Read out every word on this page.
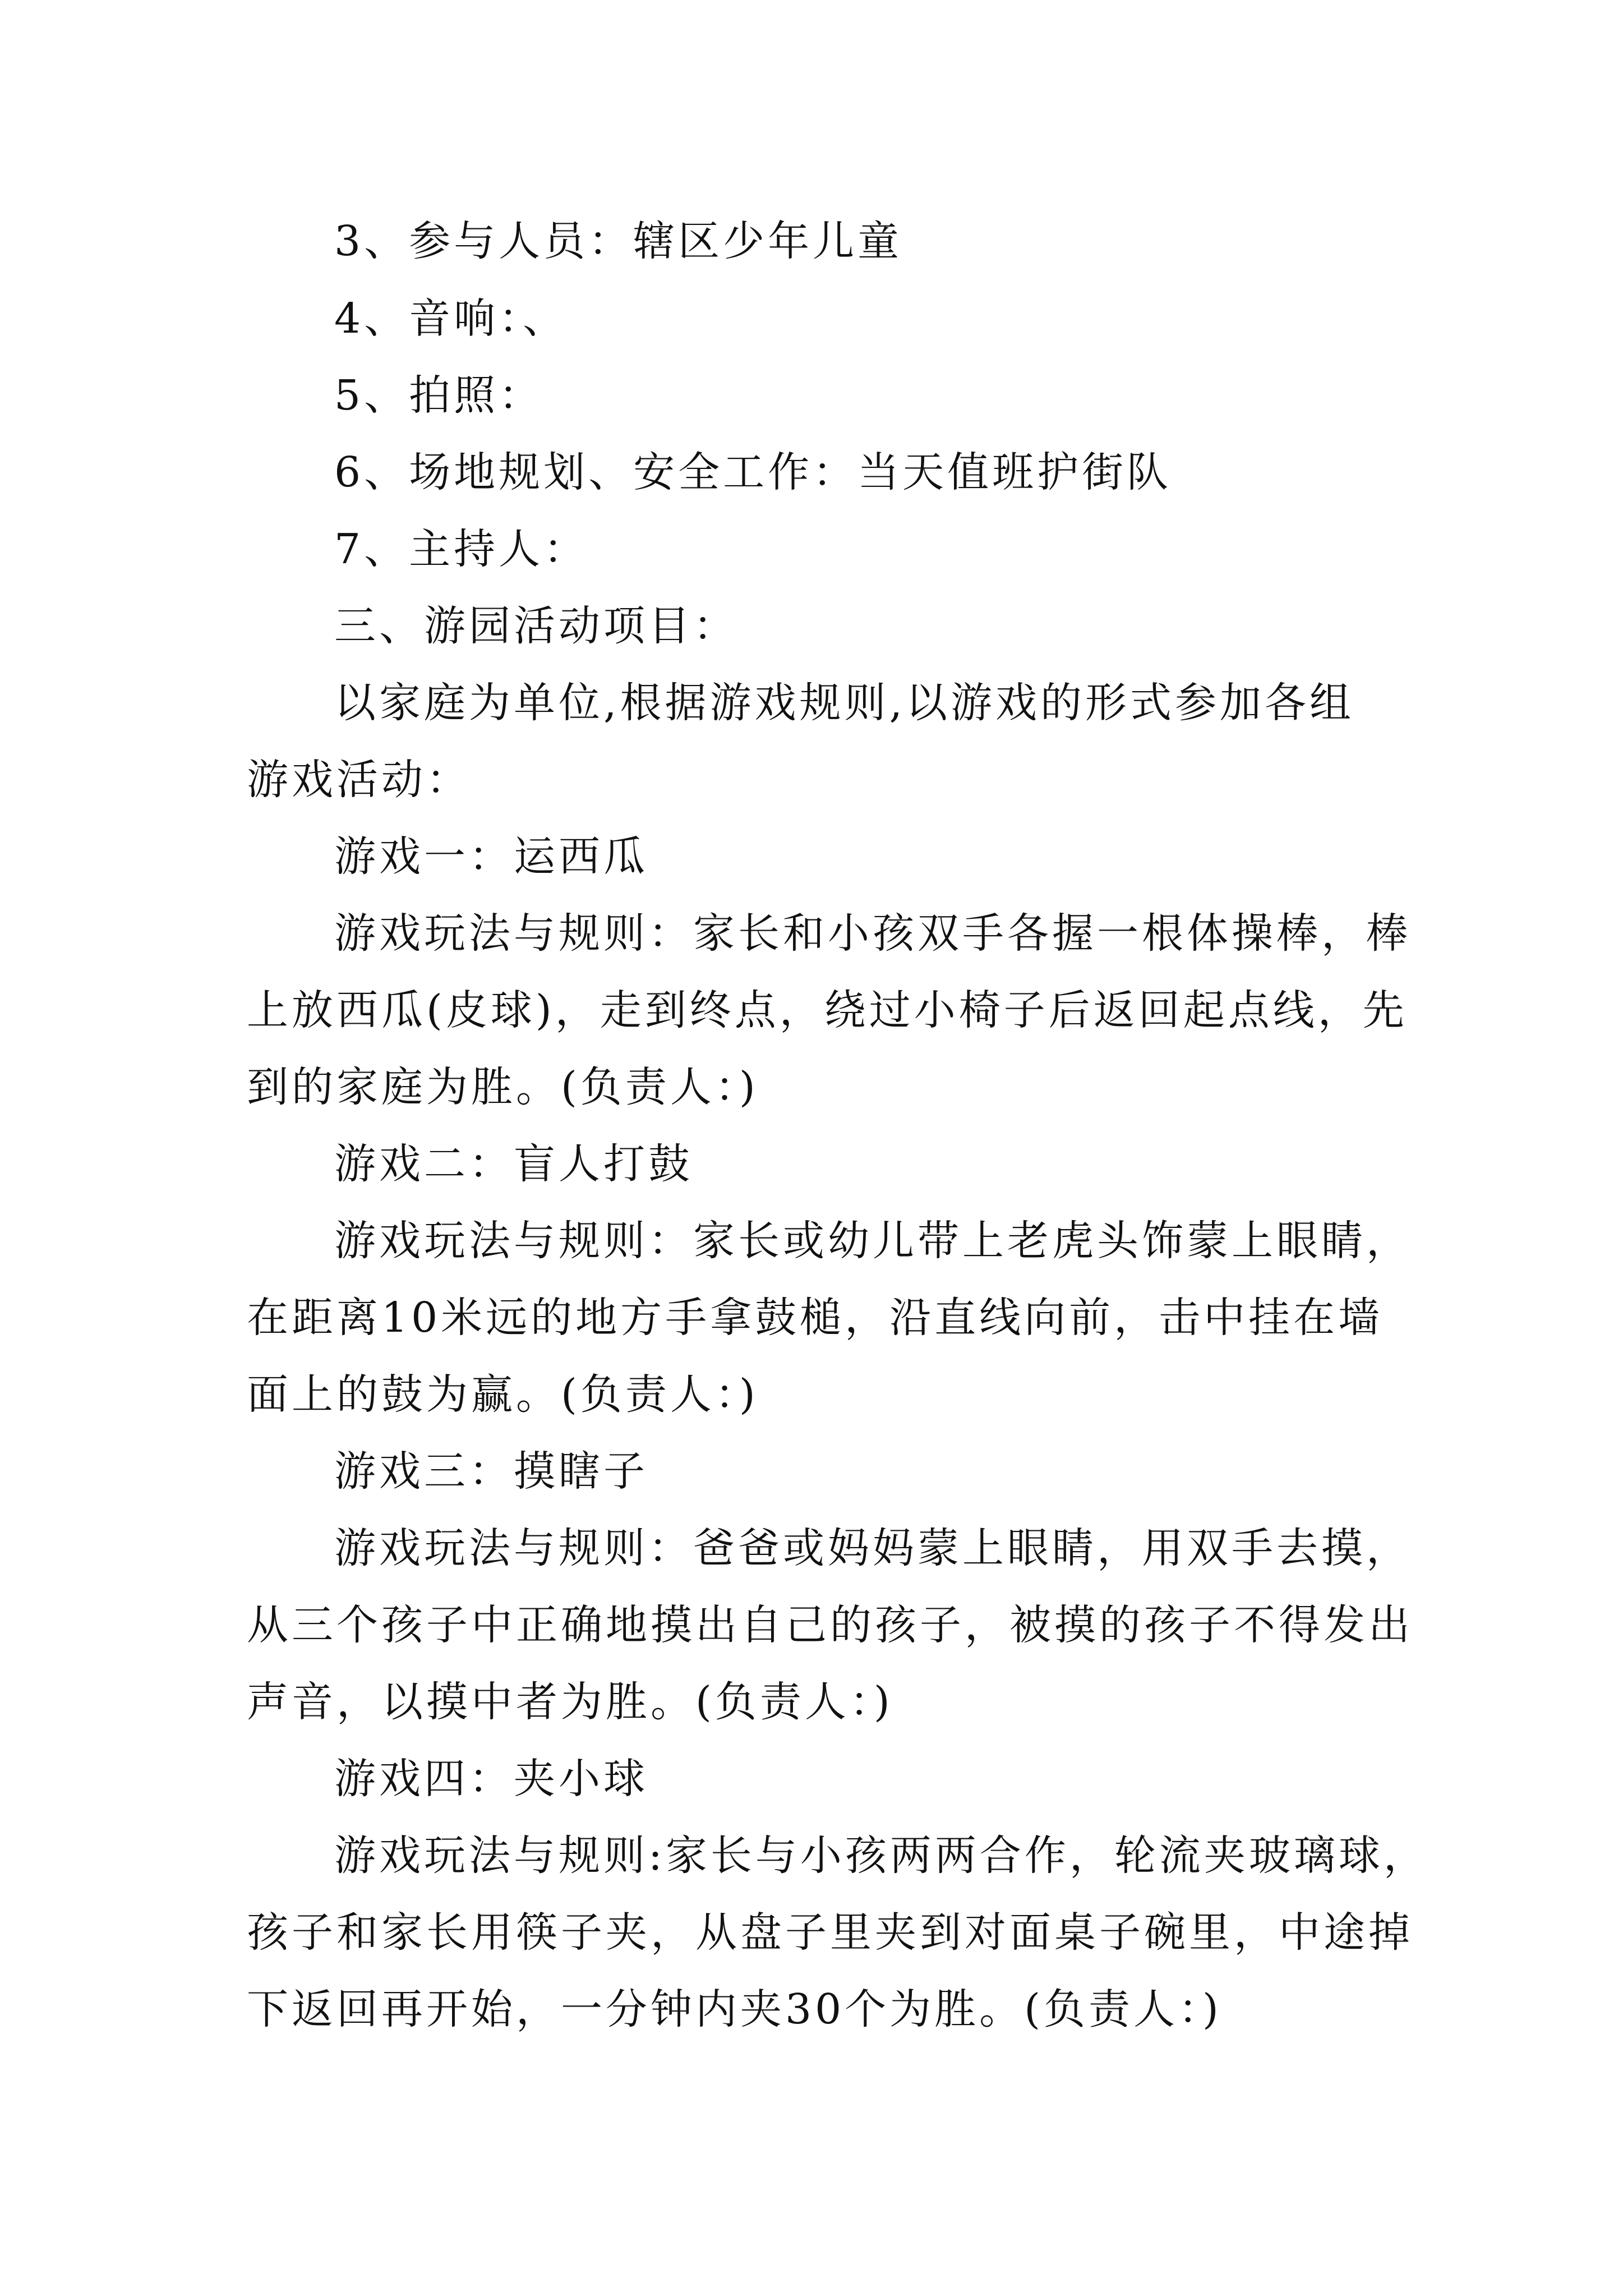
3、参与人员：辖区少年儿童
4、音响：、
5、拍照：
6、场地规划、安全工作：当天值班护街队
7、主持人：
三、游园活动项目：
以家庭为单位,根据游戏规则,以游戏的形式参加各组
游戏活动：
游戏一：运西瓜
游戏玩法与规则：家长和小孩双手各握一根体操棒，棒
上放西瓜(皮球)，走到终点，绕过小椅子后返回起点线，先
到的家庭为胜。(负责人：)
游戏二：盲人打鼓
游戏玩法与规则：家长或幼儿带上老虎头饰蒙上眼睛，
在距离10米远的地方手拿鼓槌，沿直线向前，击中挂在墙
面上的鼓为赢。(负责人：)
游戏三：摸瞎子
游戏玩法与规则：爸爸或妈妈蒙上眼睛，用双手去摸，
从三个孩子中正确地摸出自己的孩子，被摸的孩子不得发出
声音，以摸中者为胜。(负责人：)
游戏四：夹小球
游戏玩法与规则:家长与小孩两两合作，轮流夹玻璃球，
孩子和家长用筷子夹，从盘子里夹到对面桌子碗里，中途掉
下返回再开始，一分钟内夹30个为胜。(负责人：)
